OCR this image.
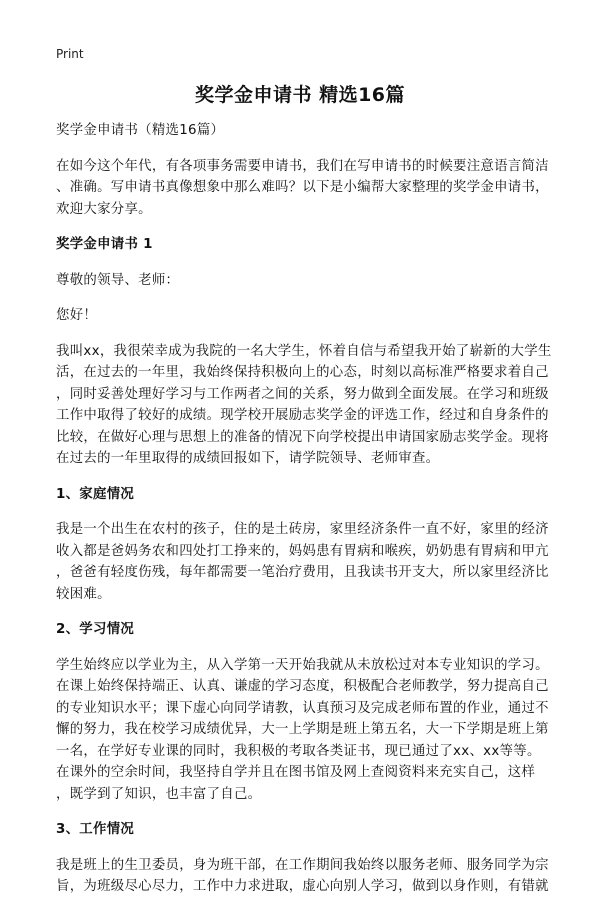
Print
奖学金申请书 精选16篇
奖学金申请书（精选16篇）

在如今这个年代，有各项事务需要申请书，我们在写申请书的时候要注意语言简洁
、准确。写申请书真像想象中那么难吗？以下是小编帮大家整理的奖学金申请书，
欢迎大家分享。

奖学金申请书 1

尊敬的领导、老师：

您好！

我叫xx，我很荣幸成为我院的一名大学生，怀着自信与希望我开始了崭新的大学生
活，在过去的一年里，我始终保持积极向上的心态，时刻以高标准严格要求着自己
，同时妥善处理好学习与工作两者之间的关系，努力做到全面发展。在学习和班级
工作中取得了较好的成绩。现学校开展励志奖学金的评选工作，经过和自身条件的
比较，在做好心理与思想上的准备的情况下向学校提出申请国家励志奖学金。现将
在过去的一年里取得的成绩回报如下，请学院领导、老师审查。

1、家庭情况

我是一个出生在农村的孩子，住的是土砖房，家里经济条件一直不好，家里的经济
收入都是爸妈务农和四处打工挣来的，妈妈患有胃病和喉疾，奶奶患有胃病和甲亢
，爸爸有轻度伤残，每年都需要一笔治疗费用，且我读书开支大，所以家里经济比
较困难。

2、学习情况

学生始终应以学业为主，从入学第一天开始我就从未放松过对本专业知识的学习。
在课上始终保持端正、认真、谦虚的学习态度，积极配合老师教学，努力提高自己
的专业知识水平；课下虚心向同学请教，认真预习及完成老师布置的作业，通过不
懈的努力，我在校学习成绩优异，大一上学期是班上第五名，大一下学期是班上第
一名，在学好专业课的同时，我积极的考取各类证书，现已通过了xx、xx等等。
在课外的空余时间，我坚持自学并且在图书馆及网上查阅资料来充实自己，这样
，既学到了知识，也丰富了自己。

3、工作情况

我是班上的生卫委员，身为班干部，在工作期间我始终以服务老师、服务同学为宗
旨，为班级尽心尽力，工作中力求进取，虚心向别人学习，做到以身作则，有错就
